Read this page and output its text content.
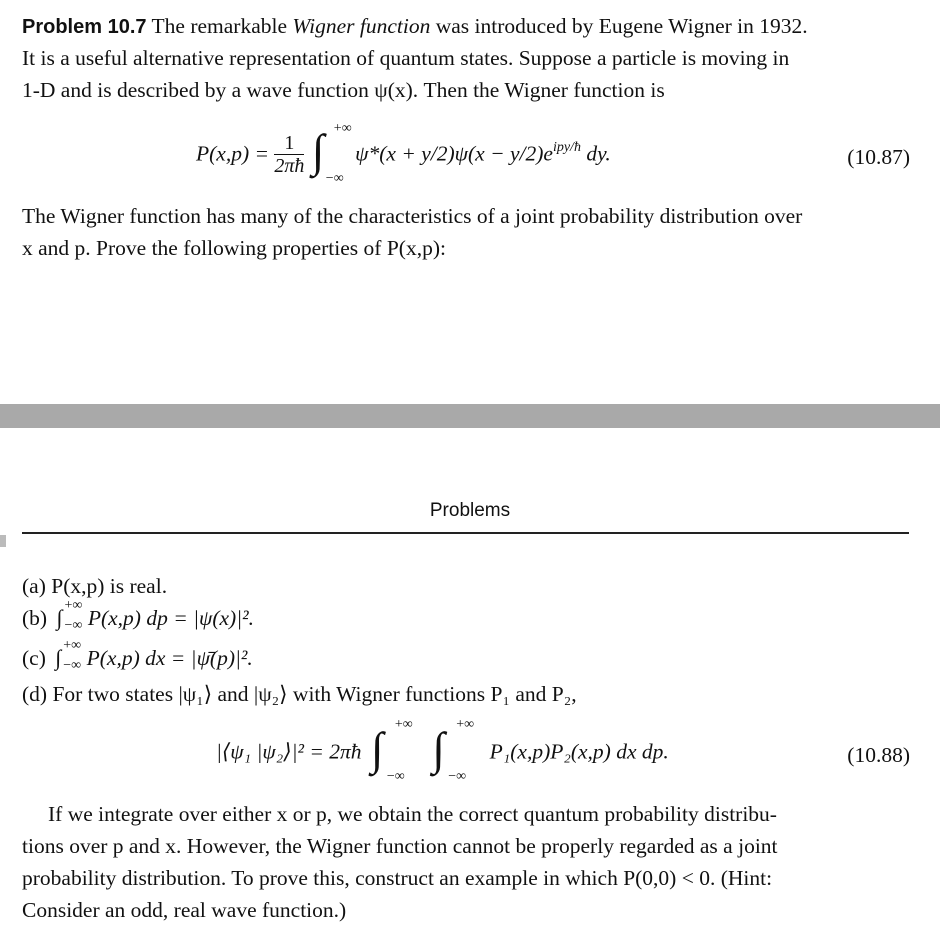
Problem 10.7 The remarkable Wigner function was introduced by Eugene Wigner in 1932.
It is a useful alternative representation of quantum states. Suppose a particle is moving in
1-D and is described by a wave function ψ(x). Then the Wigner function is
$P(x,p) = \frac{1}{2\pi ħ}$
∫ +∞
−∞
$\psi*(x + y/2)\psi(x - y/2)e^{ipy/ħ}$ dy.	(10.87)
The Wigner function has many of the characteristics of a joint probability distribution over
x and p. Prove the following properties of P(x,p):
Problems
(a) P(x,p) is real.
(b) ∫ +∞
−∞ P(x,p) dp = |ψ(x)|².
(c) ∫ +∞
−∞ P(x,p) dx = |ψ̄(p)|².
(d) For two states |ψ₁⟩ and |ψ₂⟩ with Wigner functions P₁ and P₂,
|⟨ψ₁ |ψ₂⟩|² = 2πħ ∫ +∞
−∞

∫ +∞
−∞
P₁(x,p)P₂(x,p) dx dp.	(10.88)
If we integrate over either x or p, we obtain the correct quantum probability distribu-
tions over p and x. However, the Wigner function cannot be properly regarded as a joint
probability distribution. To prove this, construct an example in which P(0,0) < 0. (Hint:
Consider an odd, real wave function.)
